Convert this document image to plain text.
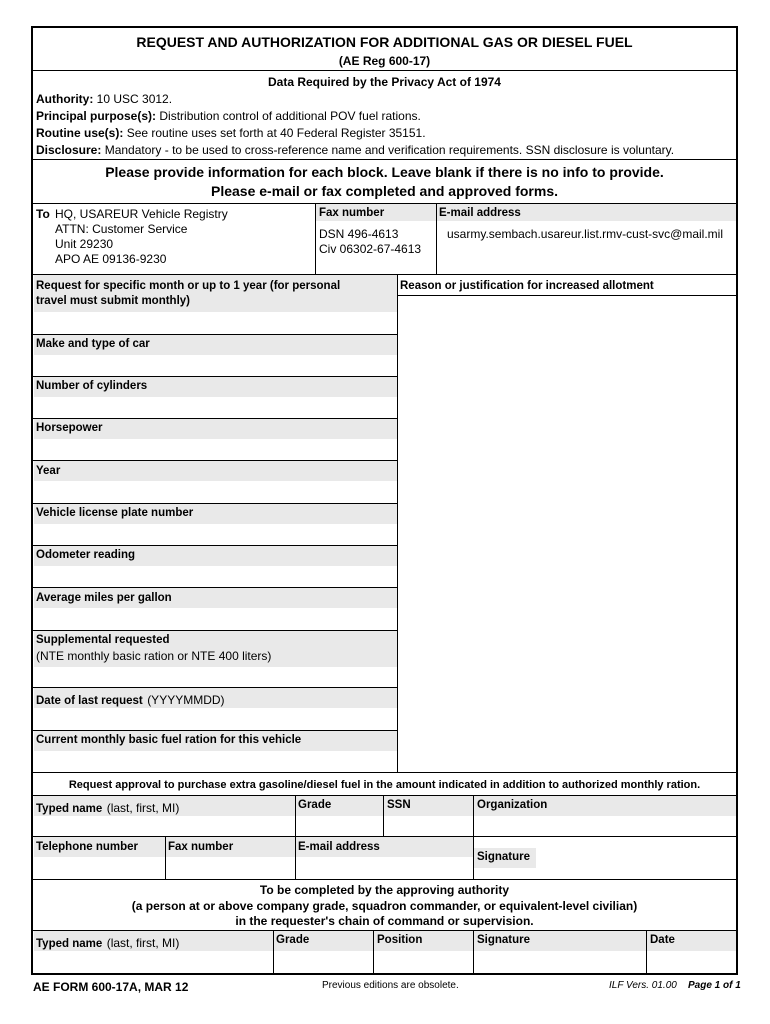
REQUEST AND AUTHORIZATION FOR ADDITIONAL GAS OR DIESEL FUEL
(AE Reg 600-17)
Data Required by the Privacy Act of 1974
Authority: 10 USC 3012.
Principal purpose(s): Distribution control of additional POV fuel rations.
Routine use(s): See routine uses set forth at 40 Federal Register 35151.
Disclosure: Mandatory - to be used to cross-reference name and verification requirements. SSN disclosure is voluntary.
Please provide information for each block. Leave blank if there is no info to provide.
Please e-mail or fax completed and approved forms.
To HQ, USAREUR Vehicle Registry
ATTN: Customer Service
Unit 29230
APO AE 09136-9230
Fax number
DSN 496-4613
Civ 06302-67-4613
E-mail address
usarmy.sembach.usareur.list.rmv-cust-svc@mail.mil
Reason or justification for increased allotment
Request for specific month or up to 1 year (for personal
travel must submit monthly)
Make and type of car
Number of cylinders
Horsepower
Year
Vehicle license plate number
Odometer reading
Average miles per gallon
Supplemental requested
(NTE monthly basic ration or NTE 400 liters)
Date of last request (YYYYMMDD)
Current monthly basic fuel ration for this vehicle
Request approval to purchase extra gasoline/diesel fuel in the amount indicated in addition to authorized monthly ration.
Typed name (last, first, MI)	Grade	SSN	Organization
Telephone number	Fax number	E-mail address
Signature
To be completed by the approving authority
(a person at or above company grade, squadron commander, or equivalent-level civilian)
in the requester's chain of command or supervision.
Typed name (last, first, MI)	Grade	Position	Signature	Date
AE FORM 600-17A, MAR 12	Previous editions are obsolete.	ILF Vers. 01.00 Page 1 of 1
